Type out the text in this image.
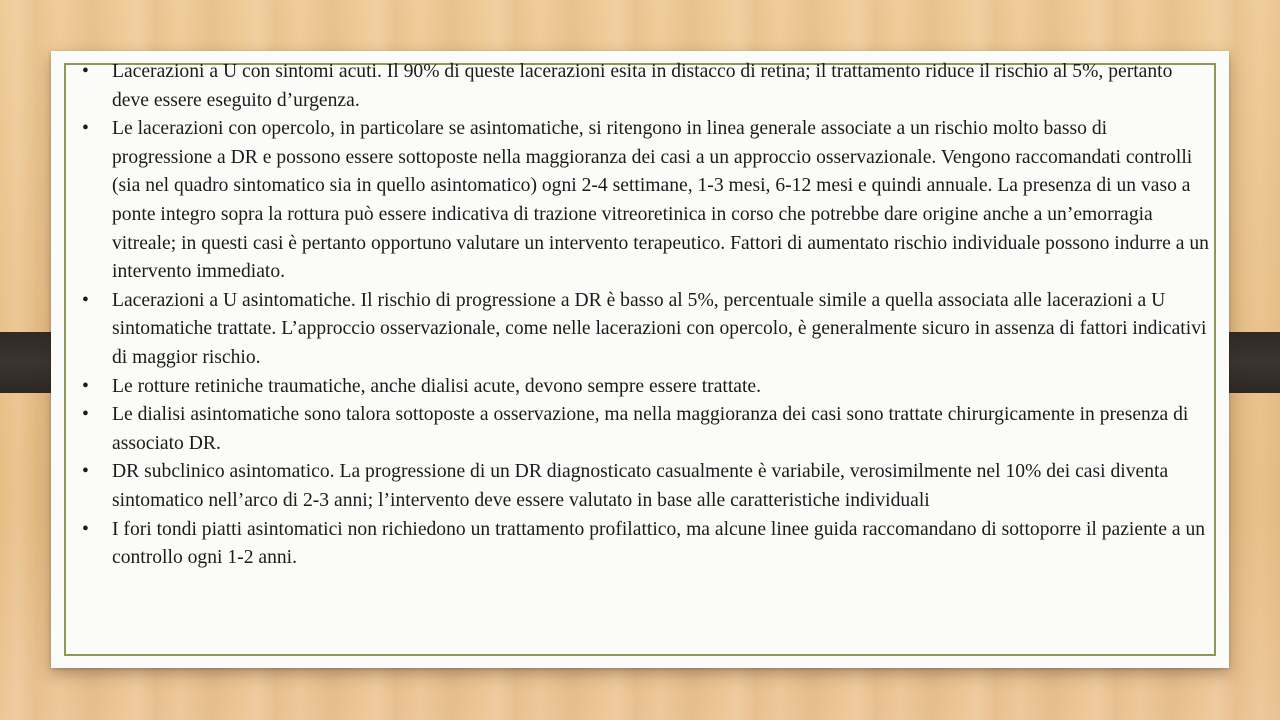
• Lacerazioni a U con sintomi acuti. Il 90% di queste lacerazioni esita in distacco di retina; il trattamento riduce il rischio al 5%, pertanto deve essere eseguito d’urgenza.
• Le lacerazioni con opercolo, in particolare se asintomatiche, si ritengono in linea generale associate a un rischio molto basso di progressione a DR e possono essere sottoposte nella maggioranza dei casi a un approccio osservazionale. Vengono raccomandati controlli (sia nel quadro sintomatico sia in quello asintomatico) ogni 2-4 settimane, 1-3 mesi, 6-12 mesi e quindi annuale. La presenza di un vaso a ponte integro sopra la rottura può essere indicativa di trazione vitreoretinica in corso che potrebbe dare origine anche a un’emorragia vitreale; in questi casi è pertanto opportuno valutare un intervento terapeutico. Fattori di aumentato rischio individuale possono indurre a un intervento immediato.
• Lacerazioni a U asintomatiche. Il rischio di progressione a DR è basso al 5%, percentuale simile a quella associata alle lacerazioni a U sintomatiche trattate. L’approccio osservazionale, come nelle lacerazioni con opercolo, è generalmente sicuro in assenza di fattori indicativi di maggior rischio.
• Le rotture retiniche traumatiche, anche dialisi acute, devono sempre essere trattate.
• Le dialisi asintomatiche sono talora sottoposte a osservazione, ma nella maggioranza dei casi sono trattate chirurgicamente in presenza di associato DR.
• DR subclinico asintomatico. La progressione di un DR diagnosticato casualmente è variabile, verosimilmente nel 10% dei casi diventa sintomatico nell’arco di 2-3 anni; l’intervento deve essere valutato in base alle caratteristiche individuali
• I fori tondi piatti asintomatici non richiedono un trattamento profilattico, ma alcune linee guida raccomandano di sottoporre il paziente a un controllo ogni 1-2 anni.
